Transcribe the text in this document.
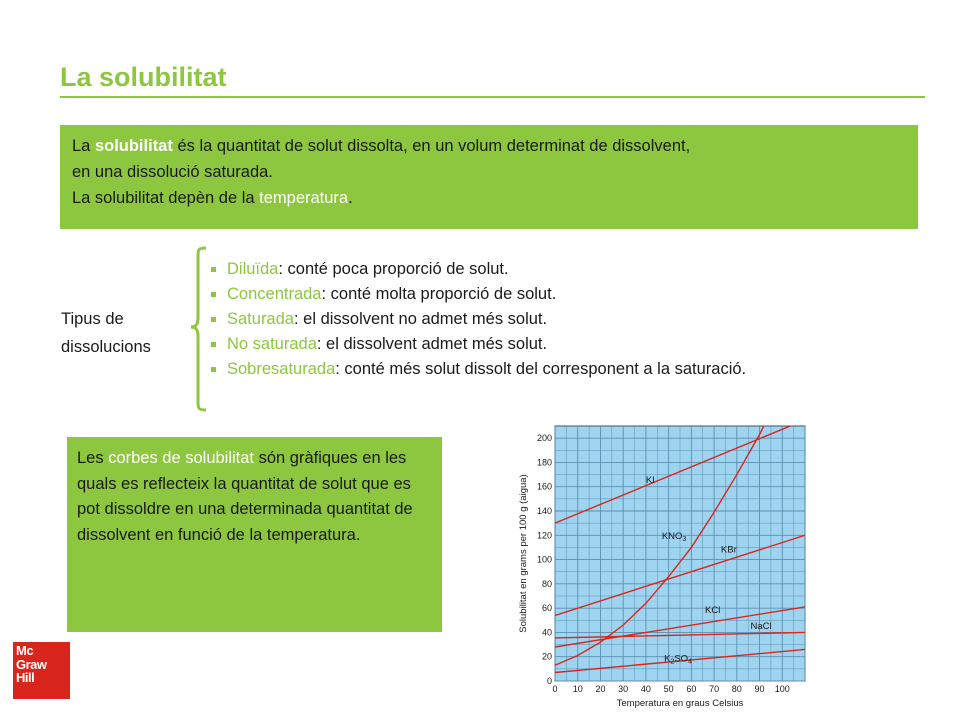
La solubilitat
La solubilitat és la quantitat de solut dissolta, en un volum determinat de dissolvent,
en una dissolució saturada.
La solubilitat depèn de la temperatura.
Tipus de
dissolucions
Diluïda: conté poca proporció de solut.
Concentrada: conté molta proporció de solut.
Saturada: el dissolvent no admet més solut.
No saturada: el dissolvent admet més solut.
Sobresaturada: conté més solut dissolt del corresponent a la saturació.
Les corbes de solubilitat són gràfiques en les quals es reflecteix la quantitat de solut que es pot dissoldre en una determinada quantitat de dissolvent en funció de la temperatura.
Mc
Graw
Hill
KI
$KNO_3$
KBr
KCl
NaCl
$K_2SO_4$
0 10 20 30 40 50 60 70 80 90 100
0
20
40
60
80
100
120
140
160
180
200
Temperatura en graus Celsius
Solubilitat en grams per 100 g (aigua)
